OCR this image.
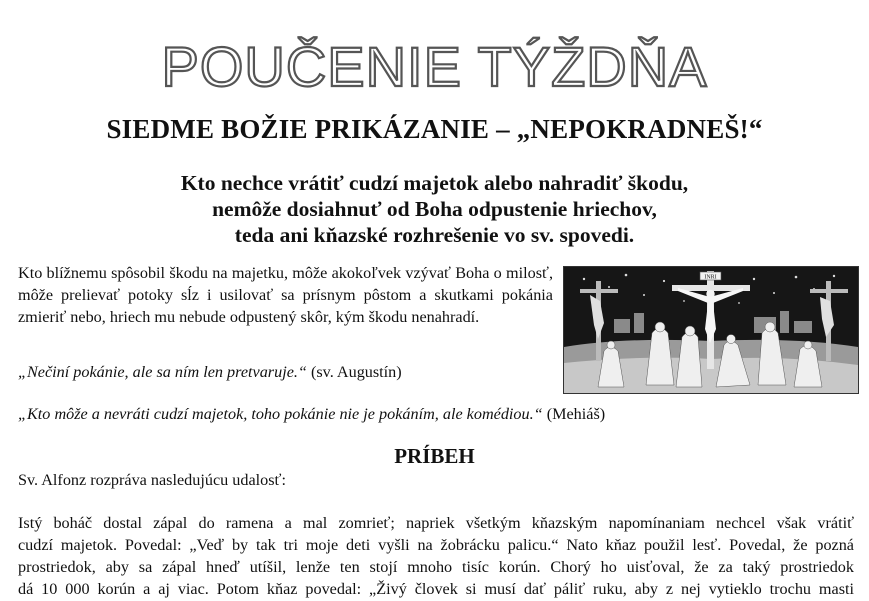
POUČENIE TÝŽDŇA
SIEDME BOŽIE PRIKÁZANIE – „NEPOKRADNEŠ!“
Kto nechce vrátiť cudzí majetok alebo nahradiť škodu,
nemôže dosiahnuť od Boha odpustenie hriechov,
teda ani kňazské rozhrešenie vo sv. spovedi.
Kto blížnemu spôsobil škodu na majetku, môže akokoľvek vzývať Boha o milosť, môže prelievať potoky sĺz i usilovať sa prísnym pôstom a skutkami pokánia zmieriť nebo, hriech mu nebude odpustený skôr, kým škodu nenahradí.
„Nečiní pokánie, ale sa ním len pretvaruje.“ (sv. Augustín)
„Kto môže a nevráti cudzí majetok, toho pokánie nie je pokáním, ale komédiou.“ (Mehiáš)
INRI
PRÍBEH
Sv. Alfonz rozpráva nasledujúcu udalosť:
Istý boháč dostal zápal do ramena a mal zomrieť; napriek všetkým kňazským napomínaniam nechcel však vrátiť
cudzí majetok. Povedal: „Veď by tak tri moje deti vyšli na žobrácku palicu.“ Nato kňaz použil lesť. Povedal, že pozná
prostriedok, aby sa zápal hneď utíšil, lenže ten stojí mnoho tisíc korún. Chorý ho uisťoval, že za taký prostriedok
dá 10 000 korún a aj viac. Potom kňaz povedal: „Živý človek si musí dať páliť ruku, aby z nej vytieklo trochu masti
